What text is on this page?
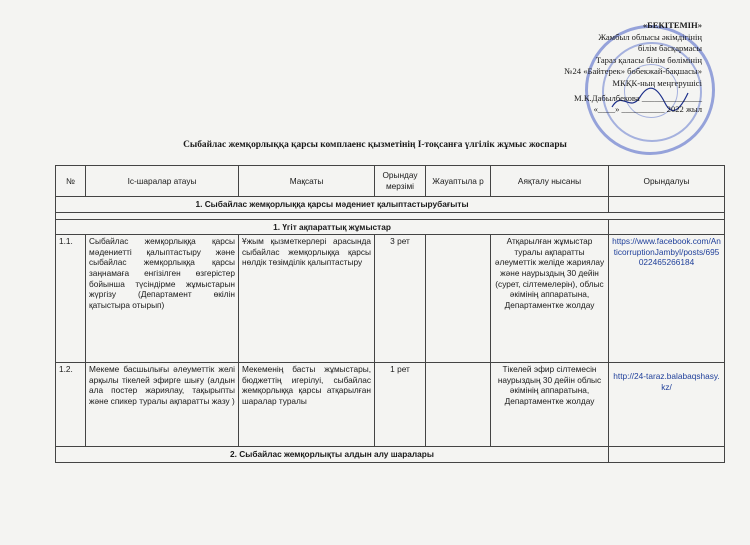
«БЕКІТЕМІН»
Жамбыл облысы әкімдігінің
білім басқармасы
Тараз қаласы білім бөлімінің
№24 «Байтерек» бөбекжай-бақшасы»
МКҚК-ның меңгерушісі
М.К.Дабылбекова ______________
«____» __________ 2022 жыл
Сыбайлас жемқорлыққа қарсы комплаенс қызметінің І-тоқсанға үлгілік жұмыс жоспары
№	Іс-шаралар атауы	Мақсаты	Орындау мерзімі	Жауаптыла р	Аяқталу нысаны	Орындалуы
1. Сыбайлас жемқорлыққа қарсы мәдениет қалыптастырубағыты						

1. Үгіт ақпараттық жұмыстар						
1.1.	Сыбайлас жемқорлыққа қарсы мәдениетті қалыптастыру және сыбайлас жемқорлыққа қарсы заңнамаға енгізілген өзгерістер бойынша түсіндірме жұмыстарын жүргізу (Департамент өкілін қатыстыра отырып)	Ұжым қызметкерлері арасында сыбайлас жемқорлыққа қарсы нөлдік төзімділік қалыптастыру	3 рет		Атқарылған жұмыстар туралы ақпаратты әлеуметтік желіде жариялау және наурыздың 30 дейін (сурет, сілтемелерін), облыс әкімінің аппаратына, Департаментке жолдау	https://www.facebook.com/AnticorruptionJambyl/posts/695022465266184
1.2.	Мекеме басшылығы әлеуметтік желі арқылы тікелей эфирге шығу (алдын ала постер жариялау, тақырыпты және спикер туралы ақпаратты жазу )	Мекеменің басты жұмыстары, бюджеттің игерілуі, сыбайлас жемқорлыққа қарсы атқарылған шаралар туралы	1 рет		Тікелей эфир сілтемесін наурыздың 30 дейін облыс әкімінің аппаратына, Департаментке жолдау	http://24-taraz.balabaqshasy.kz/
2. Сыбайлас жемқорлықты алдын алу шаралары						
